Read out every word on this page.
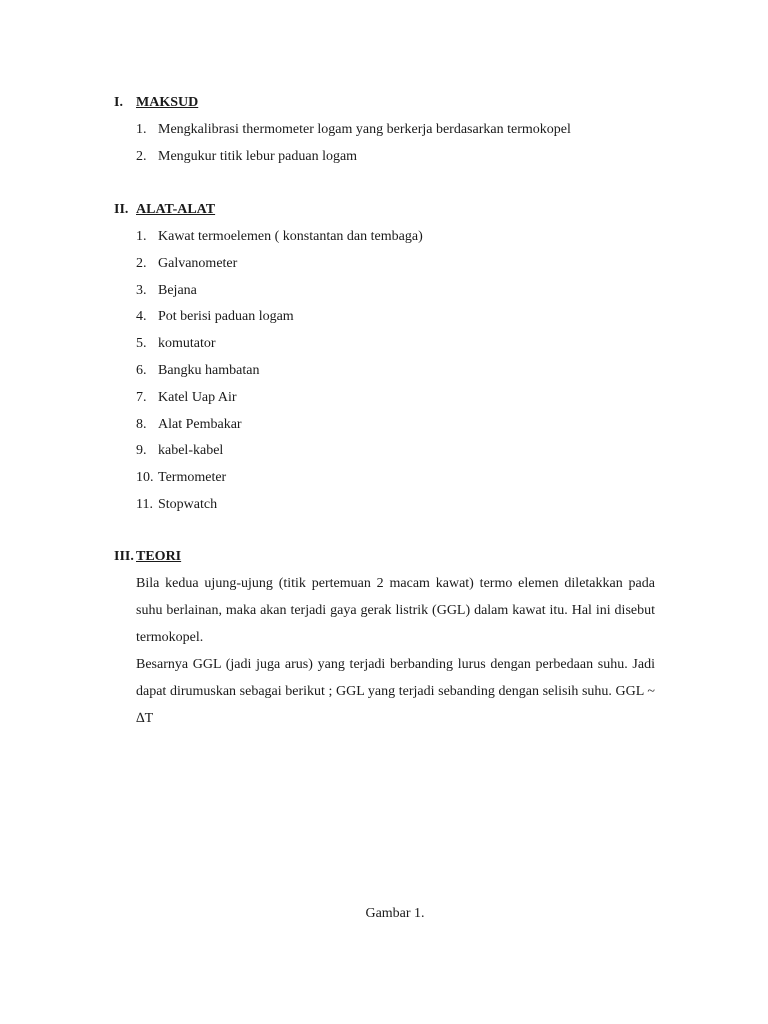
I. MAKSUD
1. Mengkalibrasi thermometer logam yang berkerja berdasarkan termokopel
2. Mengukur titik lebur paduan logam
II. ALAT-ALAT
1. Kawat termoelemen ( konstantan dan tembaga)
2. Galvanometer
3. Bejana
4. Pot berisi paduan logam
5. komutator
6. Bangku hambatan
7. Katel Uap Air
8. Alat Pembakar
9. kabel-kabel
10. Termometer
11. Stopwatch
III. TEORI

Bila kedua ujung-ujung (titik pertemuan 2 macam kawat) termo elemen diletakkan pada suhu berlainan, maka akan terjadi gaya gerak listrik (GGL) dalam kawat itu. Hal ini disebut termokopel.

Besarnya GGL (jadi juga arus) yang terjadi berbanding lurus dengan perbedaan suhu. Jadi dapat dirumuskan sebagai berikut ; GGL yang terjadi sebanding dengan selisih suhu. GGL ~ ∆T

Gambar 1.
